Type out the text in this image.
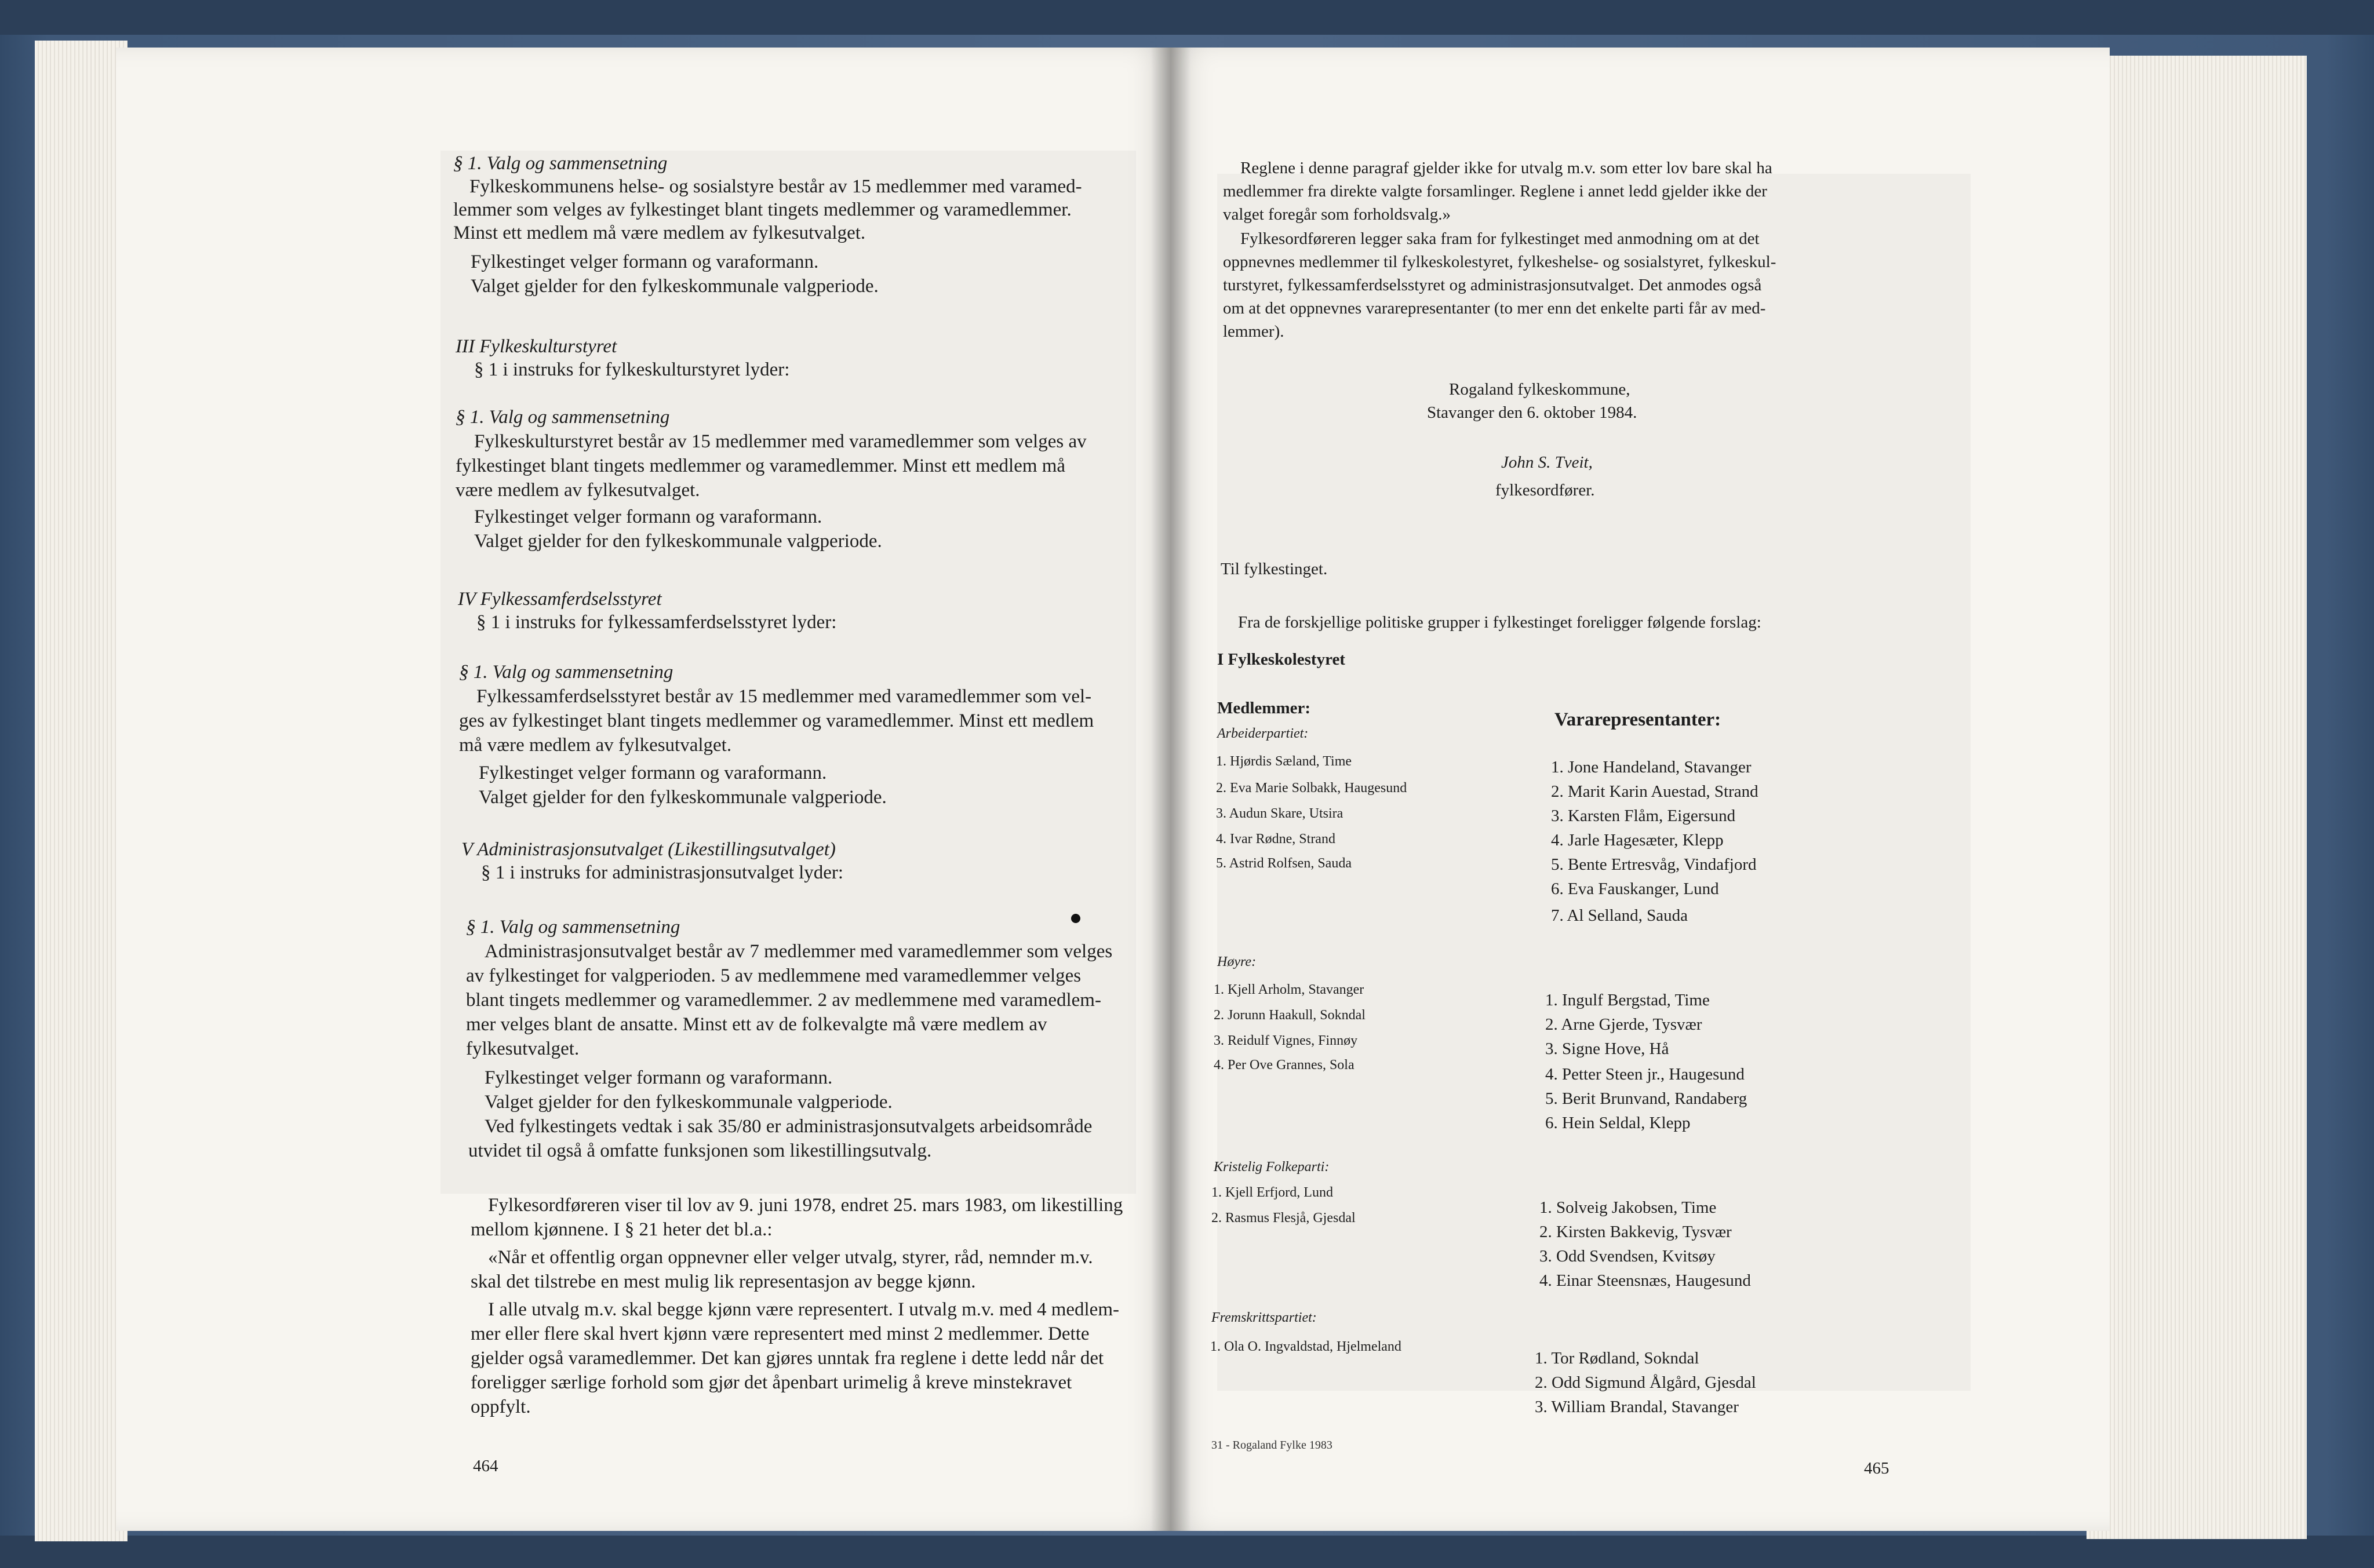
§ 1. Valg og sammensetning
Fylkeskommunens helse- og sosialstyre består av 15 medlemmer med varamed-
lemmer som velges av fylkestinget blant tingets medlemmer og varamedlemmer.
Minst ett medlem må være medlem av fylkesutvalget.
Fylkestinget velger formann og varaformann.
Valget gjelder for den fylkeskommunale valgperiode.
III Fylkeskulturstyret
§ 1 i instruks for fylkeskulturstyret lyder:
§ 1. Valg og sammensetning
Fylkeskulturstyret består av 15 medlemmer med varamedlemmer som velges av
fylkestinget blant tingets medlemmer og varamedlemmer. Minst ett medlem må
være medlem av fylkesutvalget.
Fylkestinget velger formann og varaformann.
Valget gjelder for den fylkeskommunale valgperiode.
IV Fylkessamferdselsstyret
§ 1 i instruks for fylkessamferdselsstyret lyder:
§ 1. Valg og sammensetning
Fylkessamferdselsstyret består av 15 medlemmer med varamedlemmer som vel-
ges av fylkestinget blant tingets medlemmer og varamedlemmer. Minst ett medlem
må være medlem av fylkesutvalget.
Fylkestinget velger formann og varaformann.
Valget gjelder for den fylkeskommunale valgperiode.
V Administrasjonsutvalget (Likestillingsutvalget)
§ 1 i instruks for administrasjonsutvalget lyder:
§ 1. Valg og sammensetning
Administrasjonsutvalget består av 7 medlemmer med varamedlemmer som velges
av fylkestinget for valgperioden. 5 av medlemmene med varamedlemmer velges
blant tingets medlemmer og varamedlemmer. 2 av medlemmene med varamedlem-
mer velges blant de ansatte. Minst ett av de folkevalgte må være medlem av
fylkesutvalget.
Fylkestinget velger formann og varaformann.
Valget gjelder for den fylkeskommunale valgperiode.
Ved fylkestingets vedtak i sak 35/80 er administrasjonsutvalgets arbeidsområde
utvidet til også å omfatte funksjonen som likestillingsutvalg.
Fylkesordføreren viser til lov av 9. juni 1978, endret 25. mars 1983, om likestilling
mellom kjønnene. I § 21 heter det bl.a.:
«Når et offentlig organ oppnevner eller velger utvalg, styrer, råd, nemnder m.v.
skal det tilstrebe en mest mulig lik representasjon av begge kjønn.
I alle utvalg m.v. skal begge kjønn være representert. I utvalg m.v. med 4 medlem-
mer eller flere skal hvert kjønn være representert med minst 2 medlemmer. Dette
gjelder også varamedlemmer. Det kan gjøres unntak fra reglene i dette ledd når det
foreligger særlige forhold som gjør det åpenbart urimelig å kreve minstekravet
oppfylt.
464
Reglene i denne paragraf gjelder ikke for utvalg m.v. som etter lov bare skal ha
medlemmer fra direkte valgte forsamlinger. Reglene i annet ledd gjelder ikke der
valget foregår som forholdsvalg.»
Fylkesordføreren legger saka fram for fylkestinget med anmodning om at det
oppnevnes medlemmer til fylkeskolestyret, fylkeshelse- og sosialstyret, fylkeskul-
turstyret, fylkessamferdselsstyret og administrasjonsutvalget. Det anmodes også
om at det oppnevnes vararepresentanter (to mer enn det enkelte parti får av med-
lemmer).
Rogaland fylkeskommune,
Stavanger den 6. oktober 1984.
John S. Tveit,
fylkesordfører.
Til fylkestinget.
Fra de forskjellige politiske grupper i fylkestinget foreligger følgende forslag:
I Fylkeskolestyret
Medlemmer:
Vararepresentanter:
Arbeiderpartiet:
1. Hjørdis Sæland, Time
2. Eva Marie Solbakk, Haugesund
3. Audun Skare, Utsira
4. Ivar Rødne, Strand
5. Astrid Rolfsen, Sauda
1. Jone Handeland, Stavanger
2. Marit Karin Auestad, Strand
3. Karsten Flåm, Eigersund
4. Jarle Hagesæter, Klepp
5. Bente Ertresvåg, Vindafjord
6. Eva Fauskanger, Lund
7. Al Selland, Sauda
Høyre:
1. Kjell Arholm, Stavanger
2. Jorunn Haakull, Sokndal
3. Reidulf Vignes, Finnøy
4. Per Ove Grannes, Sola
1. Ingulf Bergstad, Time
2. Arne Gjerde, Tysvær
3. Signe Hove, Hå
4. Petter Steen jr., Haugesund
5. Berit Brunvand, Randaberg
6. Hein Seldal, Klepp
Kristelig Folkeparti:
1. Kjell Erfjord, Lund
2. Rasmus Flesjå, Gjesdal
1. Solveig Jakobsen, Time
2. Kirsten Bakkevig, Tysvær
3. Odd Svendsen, Kvitsøy
4. Einar Steensnæs, Haugesund
Fremskrittspartiet:
1. Ola O. Ingvaldstad, Hjelmeland
1. Tor Rødland, Sokndal
2. Odd Sigmund Ålgård, Gjesdal
3. William Brandal, Stavanger
31 - Rogaland Fylke 1983
465
